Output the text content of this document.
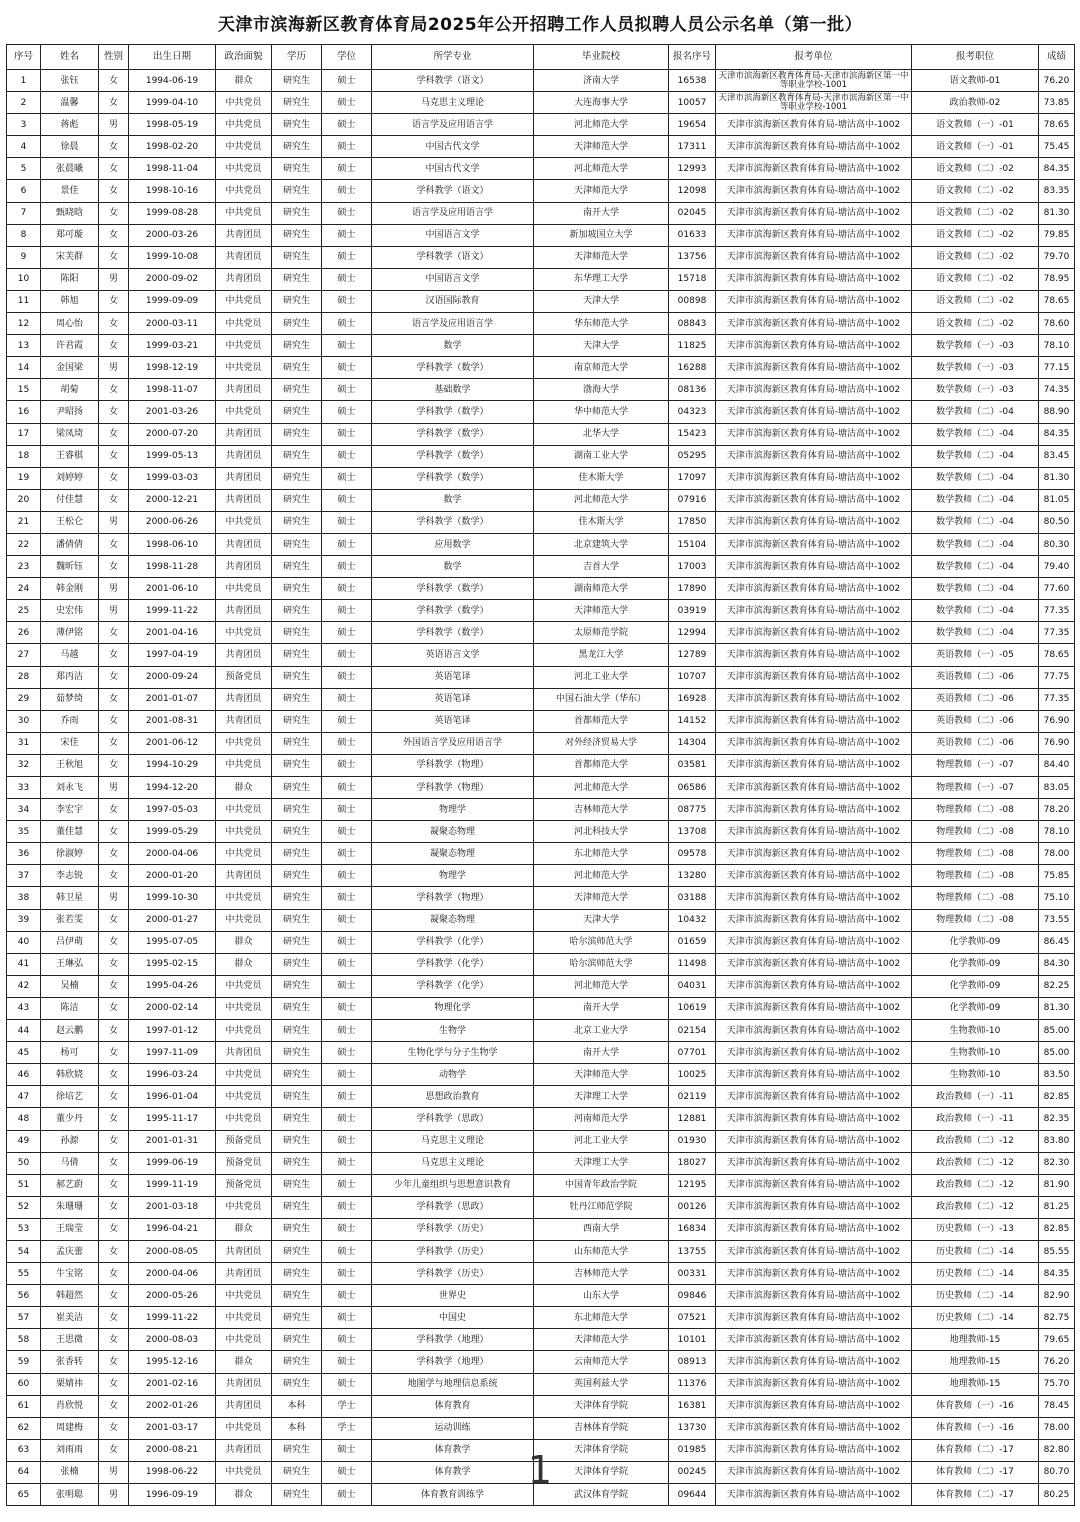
天津市滨海新区教育体育局2025年公开招聘工作人员拟聘人员公示名单（第一批）
序号	姓名	性别	出生日期	政治面貌	学历	学位	所学专业	毕业院校	报名序号	报考单位	报考职位	成绩
1	张钰	女	1994-06-19	群众	研究生	硕士	学科教学（语文）	济南大学	16538	天津市滨海新区教育体育局-天津市滨海新区第一中等职业学校-1001	语文教师-01	76.20
2	温馨	女	1999-04-10	中共党员	研究生	硕士	马克思主义理论	大连海事大学	10057	天津市滨海新区教育体育局-天津市滨海新区第一中等职业学校-1001	政治教师-02	73.85
3	蒋彪	男	1998-05-19	中共党员	研究生	硕士	语言学及应用语言学	河北师范大学	19654	天津市滨海新区教育体育局-塘沽高中-1002	语文教师（一）-01	78.65
4	徐晨	女	1998-02-20	中共党员	研究生	硕士	中国古代文学	天津师范大学	17311	天津市滨海新区教育体育局-塘沽高中-1002	语文教师（一）-01	75.45
5	张晨曦	女	1998-11-04	中共党员	研究生	硕士	中国古代文学	河北师范大学	12993	天津市滨海新区教育体育局-塘沽高中-1002	语文教师（二）-02	84.35
6	景佳	女	1998-10-16	中共党员	研究生	硕士	学科教学（语文）	天津师范大学	12098	天津市滨海新区教育体育局-塘沽高中-1002	语文教师（二）-02	83.35
7	甄晓晗	女	1999-08-28	中共党员	研究生	硕士	语言学及应用语言学	南开大学	02045	天津市滨海新区教育体育局-塘沽高中-1002	语文教师（二）-02	81.30
8	郑可璇	女	2000-03-26	共青团员	研究生	硕士	中国语言文学	新加坡国立大学	01633	天津市滨海新区教育体育局-塘沽高中-1002	语文教师（二）-02	79.85
9	宋芙群	女	1999-10-08	共青团员	研究生	硕士	学科教学（语文）	天津师范大学	13756	天津市滨海新区教育体育局-塘沽高中-1002	语文教师（二）-02	79.70
10	陈阳	男	2000-09-02	共青团员	研究生	硕士	中国语言文学	东华理工大学	15718	天津市滨海新区教育体育局-塘沽高中-1002	语文教师（二）-02	78.95
11	韩旭	女	1999-09-09	中共党员	研究生	硕士	汉语国际教育	天津大学	00898	天津市滨海新区教育体育局-塘沽高中-1002	语文教师（二）-02	78.65
12	周心怡	女	2000-03-11	中共党员	研究生	硕士	语言学及应用语言学	华东师范大学	08843	天津市滨海新区教育体育局-塘沽高中-1002	语文教师（二）-02	78.60
13	许君霞	女	1999-03-21	中共党员	研究生	硕士	数学	天津大学	11825	天津市滨海新区教育体育局-塘沽高中-1002	数学教师（一）-03	78.10
14	金国梁	男	1998-12-19	中共党员	研究生	硕士	学科教学（数学）	南京师范大学	16288	天津市滨海新区教育体育局-塘沽高中-1002	数学教师（一）-03	77.15
15	胡菊	女	1998-11-07	共青团员	研究生	硕士	基础数学	渤海大学	08136	天津市滨海新区教育体育局-塘沽高中-1002	数学教师（一）-03	74.35
16	尹昭扬	女	2001-03-26	中共党员	研究生	硕士	学科教学（数学）	华中师范大学	04323	天津市滨海新区教育体育局-塘沽高中-1002	数学教师（二）-04	88.90
17	梁凤琦	女	2000-07-20	共青团员	研究生	硕士	学科教学（数学）	北华大学	15423	天津市滨海新区教育体育局-塘沽高中-1002	数学教师（二）-04	84.35
18	王睿棋	女	1999-05-13	共青团员	研究生	硕士	学科教学（数学）	湖南工业大学	05295	天津市滨海新区教育体育局-塘沽高中-1002	数学教师（二）-04	83.45
19	刘婷婷	女	1999-03-03	共青团员	研究生	硕士	学科教学（数学）	佳木斯大学	17097	天津市滨海新区教育体育局-塘沽高中-1002	数学教师（二）-04	81.30
20	付佳慧	女	2000-12-21	共青团员	研究生	硕士	数学	河北师范大学	07916	天津市滨海新区教育体育局-塘沽高中-1002	数学教师（二）-04	81.05
21	王松仑	男	2000-06-26	中共党员	研究生	硕士	学科教学（数学）	佳木斯大学	17850	天津市滨海新区教育体育局-塘沽高中-1002	数学教师（二）-04	80.50
22	潘倩倩	女	1998-06-10	共青团员	研究生	硕士	应用数学	北京建筑大学	15104	天津市滨海新区教育体育局-塘沽高中-1002	数学教师（二）-04	80.30
23	魏昕钰	女	1998-11-28	共青团员	研究生	硕士	数学	吉首大学	17003	天津市滨海新区教育体育局-塘沽高中-1002	数学教师（二）-04	79.40
24	韩金刚	男	2001-06-10	中共党员	研究生	硕士	学科教学（数学）	湖南师范大学	17890	天津市滨海新区教育体育局-塘沽高中-1002	数学教师（二）-04	77.60
25	史宏伟	男	1999-11-22	共青团员	研究生	硕士	学科教学（数学）	天津师范大学	03919	天津市滨海新区教育体育局-塘沽高中-1002	数学教师（二）-04	77.35
26	薄伊铭	女	2001-04-16	中共党员	研究生	硕士	学科教学（数学）	太原师范学院	12994	天津市滨海新区教育体育局-塘沽高中-1002	数学教师（二）-04	77.35
27	马越	女	1997-04-19	共青团员	研究生	硕士	英语语言文学	黑龙江大学	12789	天津市滨海新区教育体育局-塘沽高中-1002	英语教师（一）-05	78.65
28	郑丙洁	女	2000-09-24	预备党员	研究生	硕士	英语笔译	河北工业大学	10707	天津市滨海新区教育体育局-塘沽高中-1002	英语教师（二）-06	77.75
29	茹梦绮	女	2001-01-07	共青团员	研究生	硕士	英语笔译	中国石油大学（华东）	16928	天津市滨海新区教育体育局-塘沽高中-1002	英语教师（二）-06	77.35
30	乔雨	女	2001-08-31	共青团员	研究生	硕士	英语笔译	首都师范大学	14152	天津市滨海新区教育体育局-塘沽高中-1002	英语教师（二）-06	76.90
31	宋佳	女	2001-06-12	中共党员	研究生	硕士	外国语言学及应用语言学	对外经济贸易大学	14304	天津市滨海新区教育体育局-塘沽高中-1002	英语教师（二）-06	76.90
32	王秋旭	女	1994-10-29	中共党员	研究生	硕士	学科教学（物理）	首都师范大学	03581	天津市滨海新区教育体育局-塘沽高中-1002	物理教师（一）-07	84.40
33	刘永飞	男	1994-12-20	群众	研究生	硕士	学科教学（物理）	河北师范大学	06586	天津市滨海新区教育体育局-塘沽高中-1002	物理教师（一）-07	83.05
34	李宏宇	女	1997-05-03	中共党员	研究生	硕士	物理学	吉林师范大学	08775	天津市滨海新区教育体育局-塘沽高中-1002	物理教师（二）-08	78.20
35	董佳慧	女	1999-05-29	中共党员	研究生	硕士	凝聚态物理	河北科技大学	13708	天津市滨海新区教育体育局-塘沽高中-1002	物理教师（二）-08	78.10
36	徐淑婷	女	2000-04-06	中共党员	研究生	硕士	凝聚态物理	东北师范大学	09578	天津市滨海新区教育体育局-塘沽高中-1002	物理教师（二）-08	78.00
37	李志锐	女	2000-01-20	共青团员	研究生	硕士	物理学	河北师范大学	13280	天津市滨海新区教育体育局-塘沽高中-1002	物理教师（二）-08	75.85
38	韩卫星	男	1999-10-30	中共党员	研究生	硕士	学科教学（物理）	天津师范大学	03188	天津市滨海新区教育体育局-塘沽高中-1002	物理教师（二）-08	75.10
39	张若雯	女	2000-01-27	中共党员	研究生	硕士	凝聚态物理	天津大学	10432	天津市滨海新区教育体育局-塘沽高中-1002	物理教师（二）-08	73.55
40	吕伊萌	女	1995-07-05	群众	研究生	硕士	学科教学（化学）	哈尔滨师范大学	01659	天津市滨海新区教育体育局-塘沽高中-1002	化学教师-09	86.45
41	王琳弘	女	1995-02-15	群众	研究生	硕士	学科教学（化学）	哈尔滨师范大学	11498	天津市滨海新区教育体育局-塘沽高中-1002	化学教师-09	84.30
42	吴楠	女	1995-04-26	中共党员	研究生	硕士	学科教学（化学）	河北师范大学	04031	天津市滨海新区教育体育局-塘沽高中-1002	化学教师-09	82.25
43	陈洁	女	2000-02-14	中共党员	研究生	硕士	物理化学	南开大学	10619	天津市滨海新区教育体育局-塘沽高中-1002	化学教师-09	81.30
44	赵云鹏	女	1997-01-12	中共党员	研究生	硕士	生物学	北京工业大学	02154	天津市滨海新区教育体育局-塘沽高中-1002	生物教师-10	85.00
45	杨可	女	1997-11-09	共青团员	研究生	硕士	生物化学与分子生物学	南开大学	07701	天津市滨海新区教育体育局-塘沽高中-1002	生物教师-10	85.00
46	韩欣娆	女	1996-03-24	中共党员	研究生	硕士	动物学	天津师范大学	10025	天津市滨海新区教育体育局-塘沽高中-1002	生物教师-10	83.50
47	徐培艺	女	1996-01-04	中共党员	研究生	硕士	思想政治教育	天津理工大学	02119	天津市滨海新区教育体育局-塘沽高中-1002	政治教师（一）-11	82.85
48	董少丹	女	1995-11-17	中共党员	研究生	硕士	学科教学（思政）	河南师范大学	12881	天津市滨海新区教育体育局-塘沽高中-1002	政治教师（一）-11	82.35
49	孙源	女	2001-01-31	预备党员	研究生	硕士	马克思主义理论	河北工业大学	01930	天津市滨海新区教育体育局-塘沽高中-1002	政治教师（二）-12	83.80
50	马倩	女	1999-06-19	预备党员	研究生	硕士	马克思主义理论	天津理工大学	18027	天津市滨海新区教育体育局-塘沽高中-1002	政治教师（二）-12	82.30
51	郝艺蔚	女	1999-11-19	预备党员	研究生	硕士	少年儿童组织与思想意识教育	中国青年政治学院	12195	天津市滨海新区教育体育局-塘沽高中-1002	政治教师（二）-12	81.90
52	朱珊珊	女	2001-03-18	中共党员	研究生	硕士	学科教学（思政）	牡丹江师范学院	00126	天津市滨海新区教育体育局-塘沽高中-1002	政治教师（二）-12	81.25
53	王瑞莹	女	1996-04-21	群众	研究生	硕士	学科教学（历史）	西南大学	16834	天津市滨海新区教育体育局-塘沽高中-1002	历史教师（一）-13	82.85
54	孟庆蕾	女	2000-08-05	共青团员	研究生	硕士	学科教学（历史）	山东师范大学	13755	天津市滨海新区教育体育局-塘沽高中-1002	历史教师（二）-14	85.55
55	牛宝铭	女	2000-04-06	共青团员	研究生	硕士	学科教学（历史）	吉林师范大学	00331	天津市滨海新区教育体育局-塘沽高中-1002	历史教师（二）-14	84.35
56	韩超然	女	2000-05-26	中共党员	研究生	硕士	世界史	山东大学	09846	天津市滨海新区教育体育局-塘沽高中-1002	历史教师（二）-14	82.90
57	崔美洁	女	1999-11-22	中共党员	研究生	硕士	中国史	东北师范大学	07521	天津市滨海新区教育体育局-塘沽高中-1002	历史教师（二）-14	82.75
58	王思微	女	2000-08-03	中共党员	研究生	硕士	学科教学（地理）	天津师范大学	10101	天津市滨海新区教育体育局-塘沽高中-1002	地理教师-15	79.65
59	张香转	女	1995-12-16	群众	研究生	硕士	学科教学（地理）	云南师范大学	08913	天津市滨海新区教育体育局-塘沽高中-1002	地理教师-15	76.20
60	栗婧祎	女	2001-02-16	共青团员	研究生	硕士	地图学与地理信息系统	英国利兹大学	11376	天津市滨海新区教育体育局-塘沽高中-1002	地理教师-15	75.70
61	肖欣悦	女	2002-01-26	共青团员	本科	学士	体育教育	天津体育学院	16381	天津市滨海新区教育体育局-塘沽高中-1002	体育教师（一）-16	78.45
62	周建梅	女	2001-03-17	中共党员	本科	学士	运动训练	吉林体育学院	13730	天津市滨海新区教育体育局-塘沽高中-1002	体育教师（一）-16	78.00
63	刘雨雨	女	2000-08-21	共青团员	研究生	硕士	体育教学	天津体育学院	01985	天津市滨海新区教育体育局-塘沽高中-1002	体育教师（二）-17	82.80
64	张楠	男	1998-06-22	中共党员	研究生	硕士	体育教学	天津体育学院	00245	天津市滨海新区教育体育局-塘沽高中-1002	体育教师（二）-17	80.70
65	张明聪	男	1996-09-19	群众	研究生	硕士	体育教育训练学	武汉体育学院	09644	天津市滨海新区教育体育局-塘沽高中-1002	体育教师（二）-17	80.25
1
